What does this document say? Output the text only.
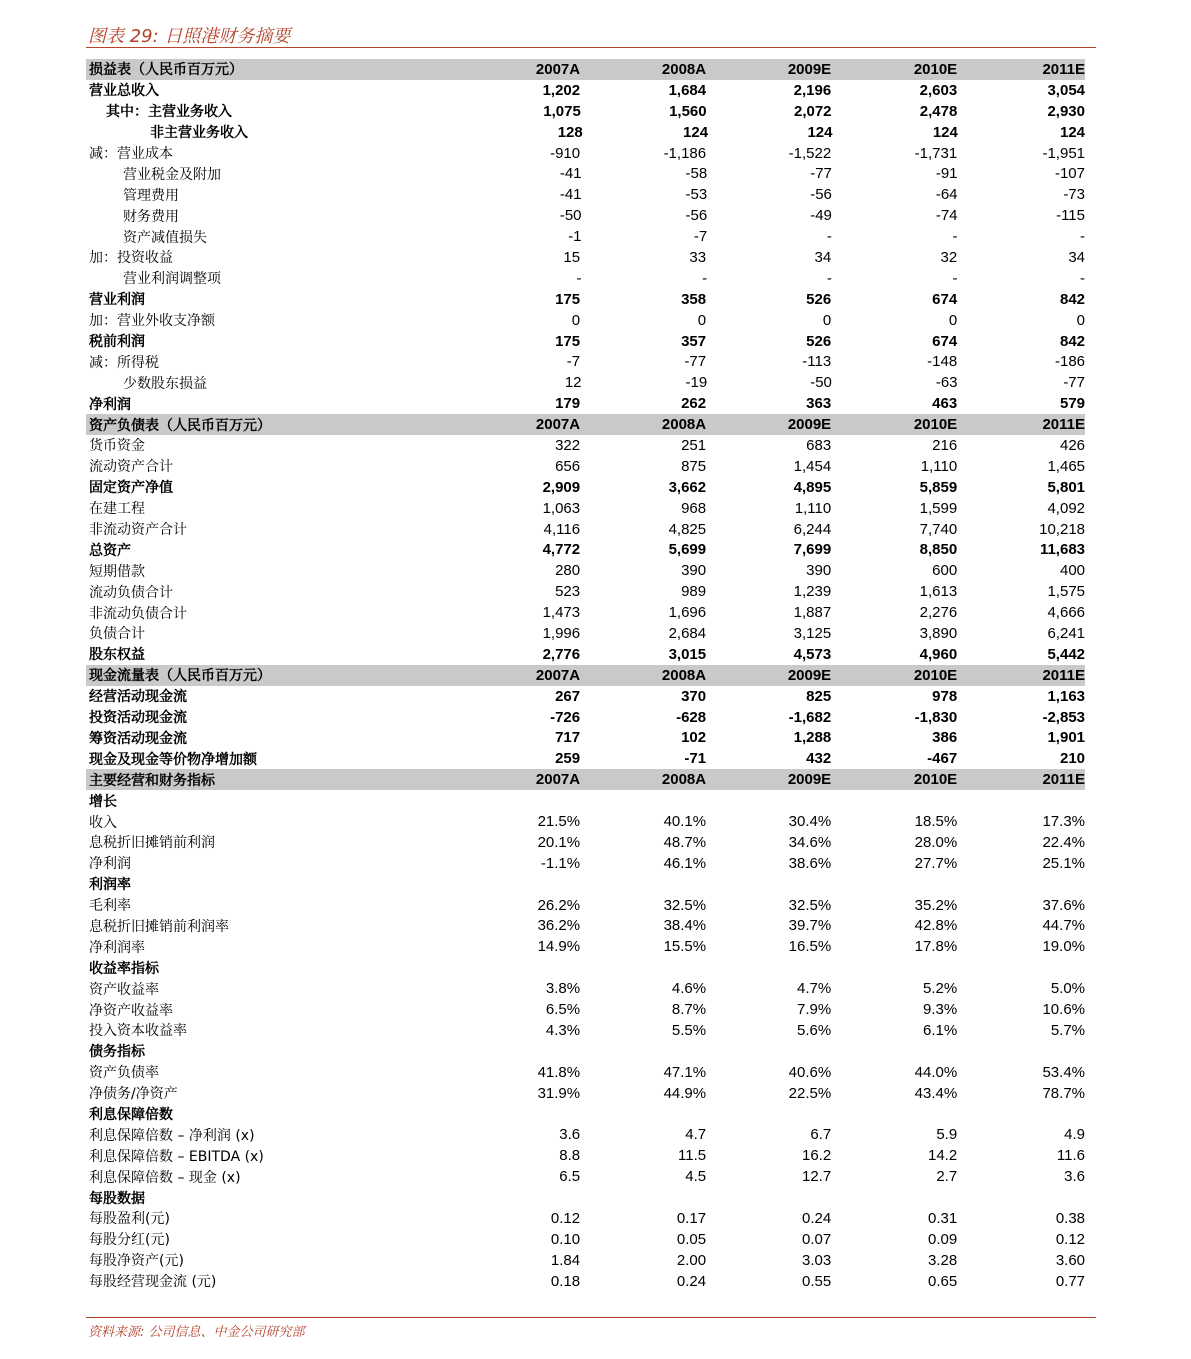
图表 29: 日照港财务摘要
损益表（人民币百万元）	2007A	2008A	2009E	2010E	2011E
营业总收入	1,202	1,684	2,196	2,603	3,054
其中：主营业务收入	1,075	1,560	2,072	2,478	2,930
非主营业务收入	128	124	124	124	124
减：营业成本	-910	-1,186	-1,522	-1,731	-1,951
营业税金及附加	-41	-58	-77	-91	-107
管理费用	-41	-53	-56	-64	-73
财务费用	-50	-56	-49	-74	-115
资产减值损失	-1	-7	-	-	-
加：投资收益	15	33	34	32	34
营业利润调整项	-	-	-	-	-
营业利润	175	358	526	674	842
加：营业外收支净额	0	0	0	0	0
税前利润	175	357	526	674	842
减：所得税	-7	-77	-113	-148	-186
少数股东损益	12	-19	-50	-63	-77
净利润	179	262	363	463	579
资产负债表（人民币百万元）	2007A	2008A	2009E	2010E	2011E
货币资金	322	251	683	216	426
流动资产合计	656	875	1,454	1,110	1,465
固定资产净值	2,909	3,662	4,895	5,859	5,801
在建工程	1,063	968	1,110	1,599	4,092
非流动资产合计	4,116	4,825	6,244	7,740	10,218
总资产	4,772	5,699	7,699	8,850	11,683
短期借款	280	390	390	600	400
流动负债合计	523	989	1,239	1,613	1,575
非流动负债合计	1,473	1,696	1,887	2,276	4,666
负债合计	1,996	2,684	3,125	3,890	6,241
股东权益	2,776	3,015	4,573	4,960	5,442
现金流量表（人民币百万元）	2007A	2008A	2009E	2010E	2011E
经营活动现金流	267	370	825	978	1,163
投资活动现金流	-726	-628	-1,682	-1,830	-2,853
筹资活动现金流	717	102	1,288	386	1,901
现金及现金等价物净增加额	259	-71	432	-467	210
主要经营和财务指标	2007A	2008A	2009E	2010E	2011E
增长
收入	21.5%	40.1%	30.4%	18.5%	17.3%
息税折旧摊销前利润	20.1%	48.7%	34.6%	28.0%	22.4%
净利润	-1.1%	46.1%	38.6%	27.7%	25.1%
利润率
毛利率	26.2%	32.5%	32.5%	35.2%	37.6%
息税折旧摊销前利润率	36.2%	38.4%	39.7%	42.8%	44.7%
净利润率	14.9%	15.5%	16.5%	17.8%	19.0%
收益率指标
资产收益率	3.8%	4.6%	4.7%	5.2%	5.0%
净资产收益率	6.5%	8.7%	7.9%	9.3%	10.6%
投入资本收益率	4.3%	5.5%	5.6%	6.1%	5.7%
债务指标
资产负债率	41.8%	47.1%	40.6%	44.0%	53.4%
净债务/净资产	31.9%	44.9%	22.5%	43.4%	78.7%
利息保障倍数
利息保障倍数 – 净利润 (x)	3.6	4.7	6.7	5.9	4.9
利息保障倍数 – EBITDA (x)	8.8	11.5	16.2	14.2	11.6
利息保障倍数 – 现金 (x)	6.5	4.5	12.7	2.7	3.6
每股数据
每股盈利(元)	0.12	0.17	0.24	0.31	0.38
每股分红(元)	0.10	0.05	0.07	0.09	0.12
每股净资产(元)	1.84	2.00	3.03	3.28	3.60
每股经营现金流 (元)	0.18	0.24	0.55	0.65	0.77
资料来源: 公司信息、中金公司研究部
